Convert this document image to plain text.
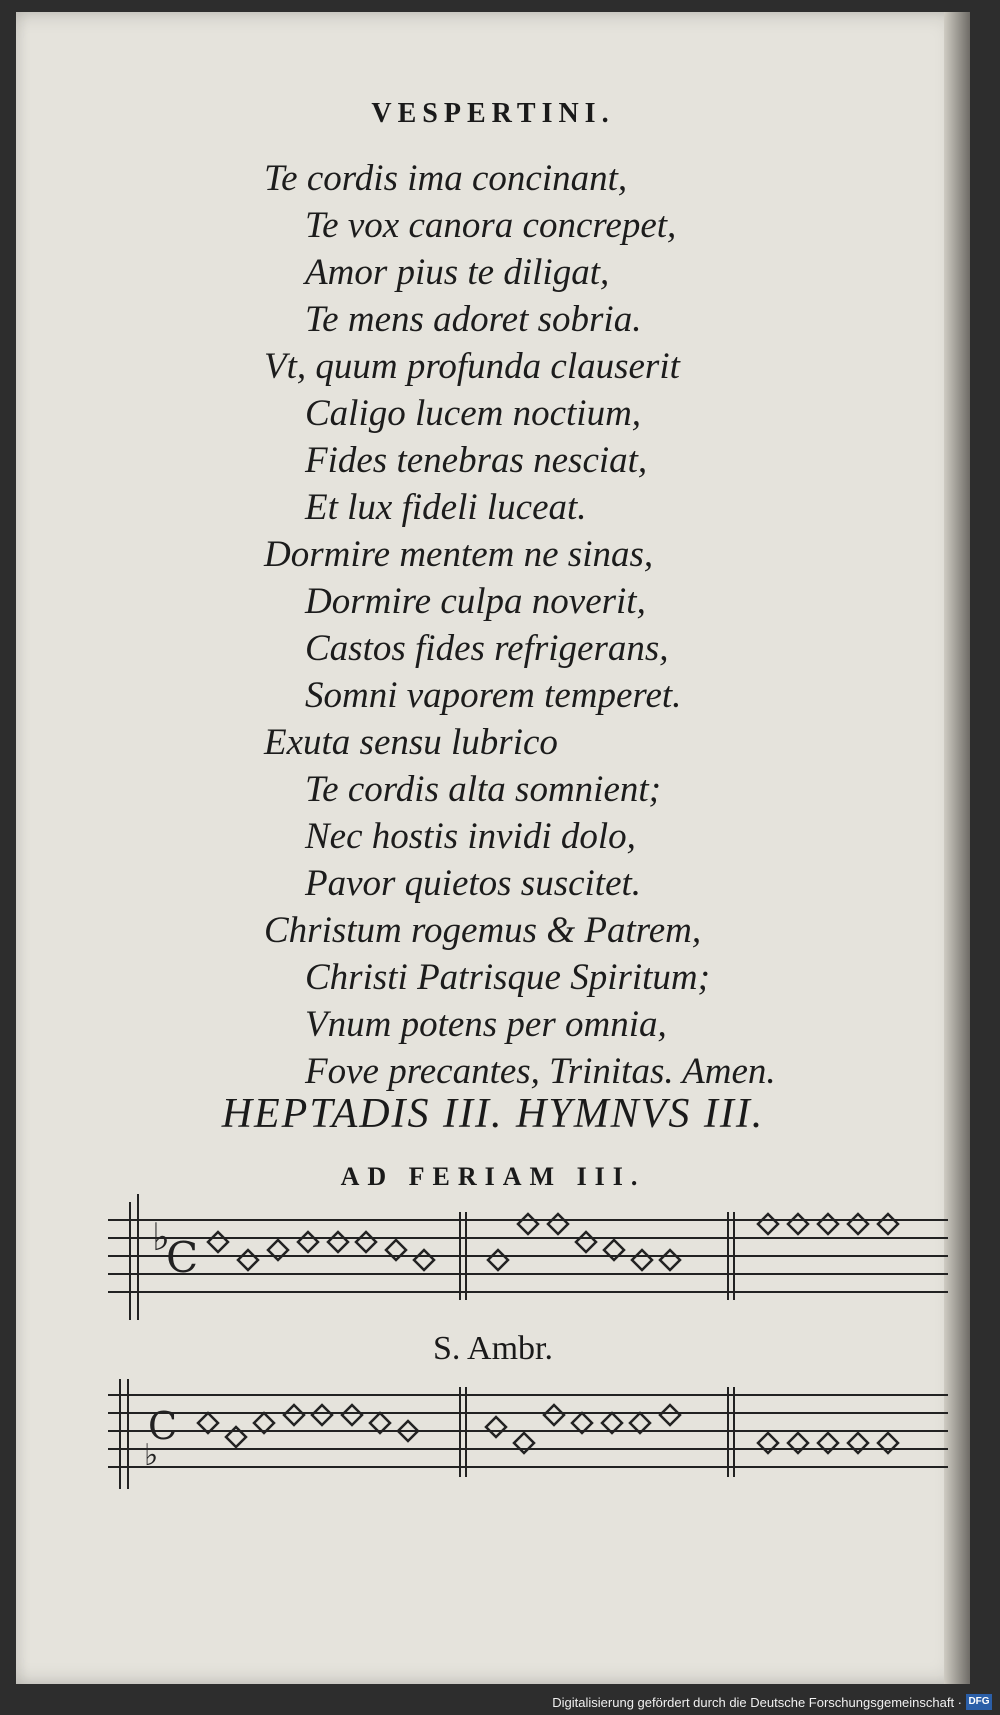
VESPERTINI.
Te cordis ima concinant,
Te vox canora concrepet,
Amor pius te diligat,
Te mens adoret sobria.
Vt, quum profunda clauserit
Caligo lucem noctium,
Fides tenebras nesciat,
Et lux fideli luceat.
Dormire mentem ne sinas,
Dormire culpa noverit,
Castos fides refrigerans,
Somni vaporem temperet.
Exuta sensu lubrico
Te cordis alta somnient;
Nec hostis invidi dolo,
Pavor quietos suscitet.
Christum rogemus & Patrem,
Christi Patrisque Spiritum;
Vnum potens per omnia,
Fove precantes, Trinitas. Amen.
HEPTADIS III. HYMNVS III.
AD FERIAM III.
♭
C
S. Ambr.
C
♭
Digitalisierung gefördert durch die Deutsche Forschungsgemeinschaft · DFG
